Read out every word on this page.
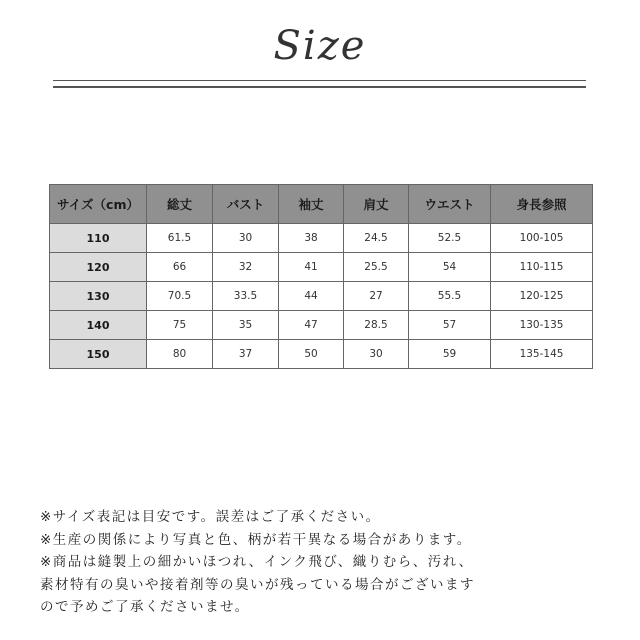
Size
サイズ（cm）	総丈	バスト	袖丈	肩丈	ウエスト	身長参照
110	61.5	30	38	24.5	52.5	100-105
120	66	32	41	25.5	54	110-115
130	70.5	33.5	44	27	55.5	120-125
140	75	35	47	28.5	57	130-135
150	80	37	50	30	59	135-145
※サイズ表記は目安です。誤差はご了承ください。
※生産の関係により写真と色、柄が若干異なる場合があります。
※商品は縫製上の細かいほつれ、インク飛び、織りむら、汚れ、
素材特有の臭いや接着剤等の臭いが残っている場合がございます
ので予めご了承くださいませ。
